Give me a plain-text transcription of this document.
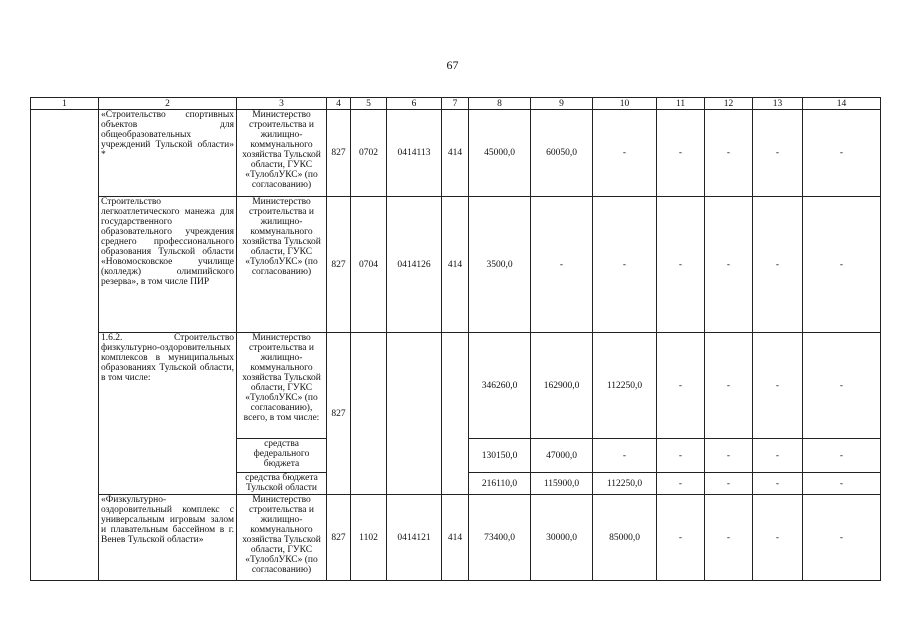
67
1	2	3	4	5	6	7	8	9	10	11	12	13	14
	«Строительство спортивных объектов для общеобразовательных учреждений Тульской области» *	Министерство строительства и жилищно-коммунального хозяйства Тульской области, ГУКС «ТулоблУКС» (по согласованию)	827	0702	0414113	414	45000,0	60050,0	-	-	-	-	-
	Строительство легкоатлетического манежа для государственного образовательного учреждения среднего профессионального образования Тульской области «Новомосковское училище (колледж) олимпийского резерва», в том числе ПИР	Министерство строительства и жилищно-коммунального хозяйства Тульской области, ГУКС «ТулоблУКС» (по согласованию)	827	0704	0414126	414	3500,0	-	-	-	-	-	-
	1.6.2. Строительство физкультурно-оздоровительных комплексов в муниципальных образованиях Тульской области, в том числе:	Министерство строительства и жилищно-коммунального хозяйства Тульской области, ГУКС «ТулоблУКС» (по согласованию), всего, в том числе:	827				346260,0	162900,0	112250,0	-	-	-	-
		средства федерального бюджета					130150,0	47000,0	-	-	-	-	-
		средства бюджета Тульской области					216110,0	115900,0	112250,0	-	-	-	-
	«Физкультурно-оздоровительный комплекс с универсальным игровым залом и плавательным бассейном в г. Венев Тульской области»	Министерство строительства и жилищно-коммунального хозяйства Тульской области, ГУКС «ТулоблУКС» (по согласованию)	827	1102	0414121	414	73400,0	30000,0	85000,0	-	-	-	-
